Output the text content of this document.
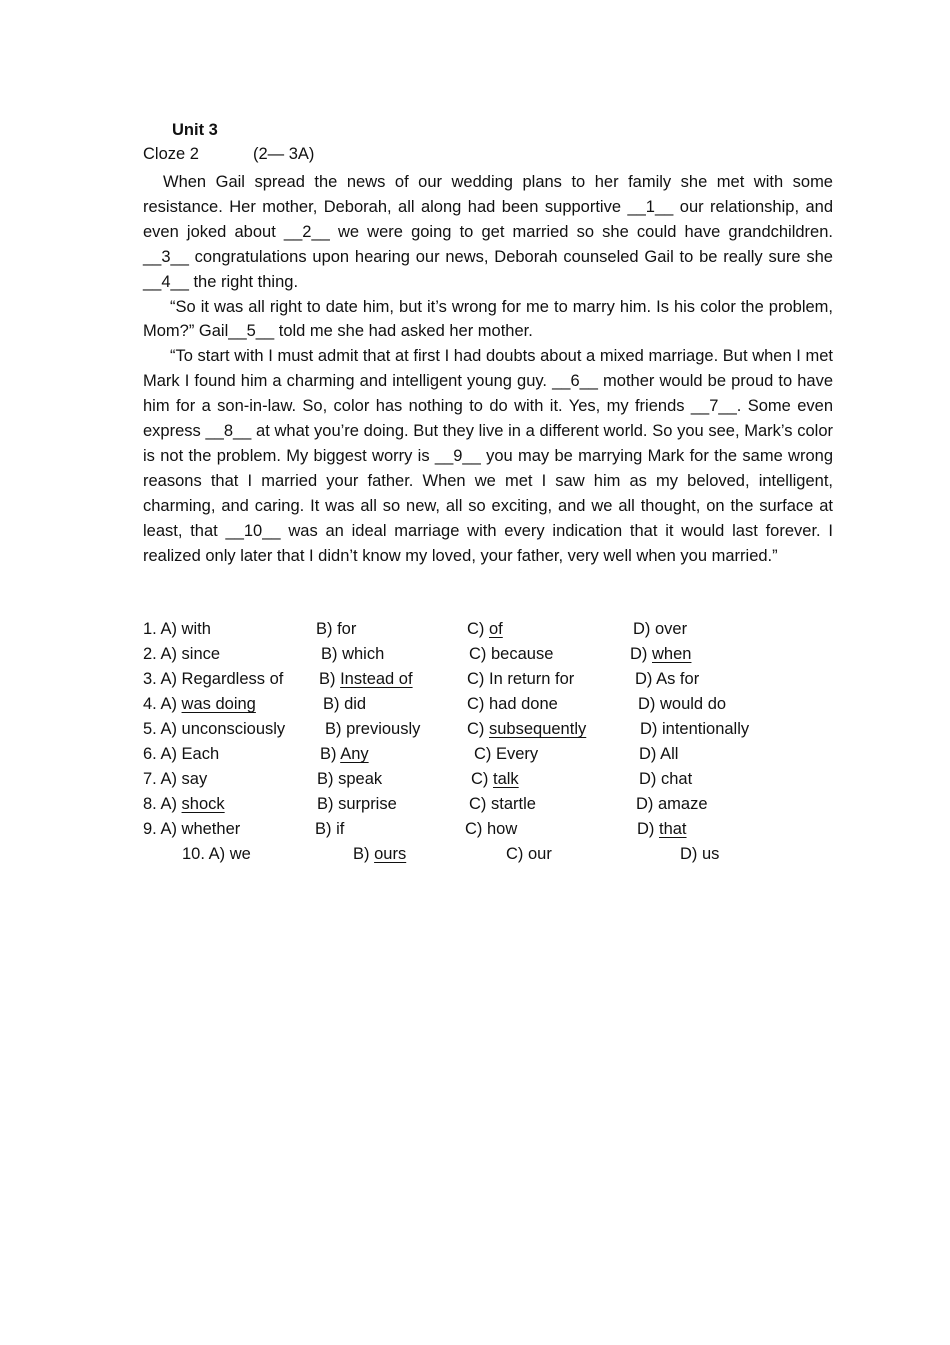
Unit 3
Cloze 2	(2— 3A)

When Gail spread the news of our wedding plans to her family she met with some resistance. Her mother, Deborah, all along had been supportive __1__ our relationship, and even joked about __2__ we were going to get married so she could have grandchildren. __3__ congratulations upon hearing our news, Deborah counseled Gail to be really sure she __4__ the right thing.

“So it was all right to date him, but it’s wrong for me to marry him. Is his color the problem, Mom?” Gail__5__ told me she had asked her mother.

“To start with I must admit that at first I had doubts about a mixed marriage. But when I met Mark I found him a charming and intelligent young guy. __6__ mother would be proud to have him for a son-in-law. So, color has nothing to do with it. Yes, my friends __7__. Some even express __8__ at what you’re doing. But they live in a different world. So you see, Mark’s color is not the problem. My biggest worry is __9__ you may be marrying Mark for the same wrong reasons that I married your father. When we met I saw him as my beloved, intelligent, charming, and caring. It was all so new, all so exciting, and we all thought, on the surface at least, that __10__ was an ideal marriage with every indication that it would last forever. I realized only later that I didn’t know my loved, your father, very well when you married.”

1. A) with	B) for	C) of	D) over
2. A) since	B) which	C) because	D) when
3. A) Regardless of B) Instead of	C) In return for	D) As for
4. A) was doing	B) did	C) had done	D) would do
5. A) unconsciously B) previously	C) subsequently	D) intentionally
6. A) Each	B) Any	C) Every	D) All
7. A) say	B) speak	C) talk	D) chat
8. A) shock	B) surprise	C) startle	D) amaze
9. A) whether	B) if	C) how	D) that
10. A) we	B) ours	C) our	D) us
